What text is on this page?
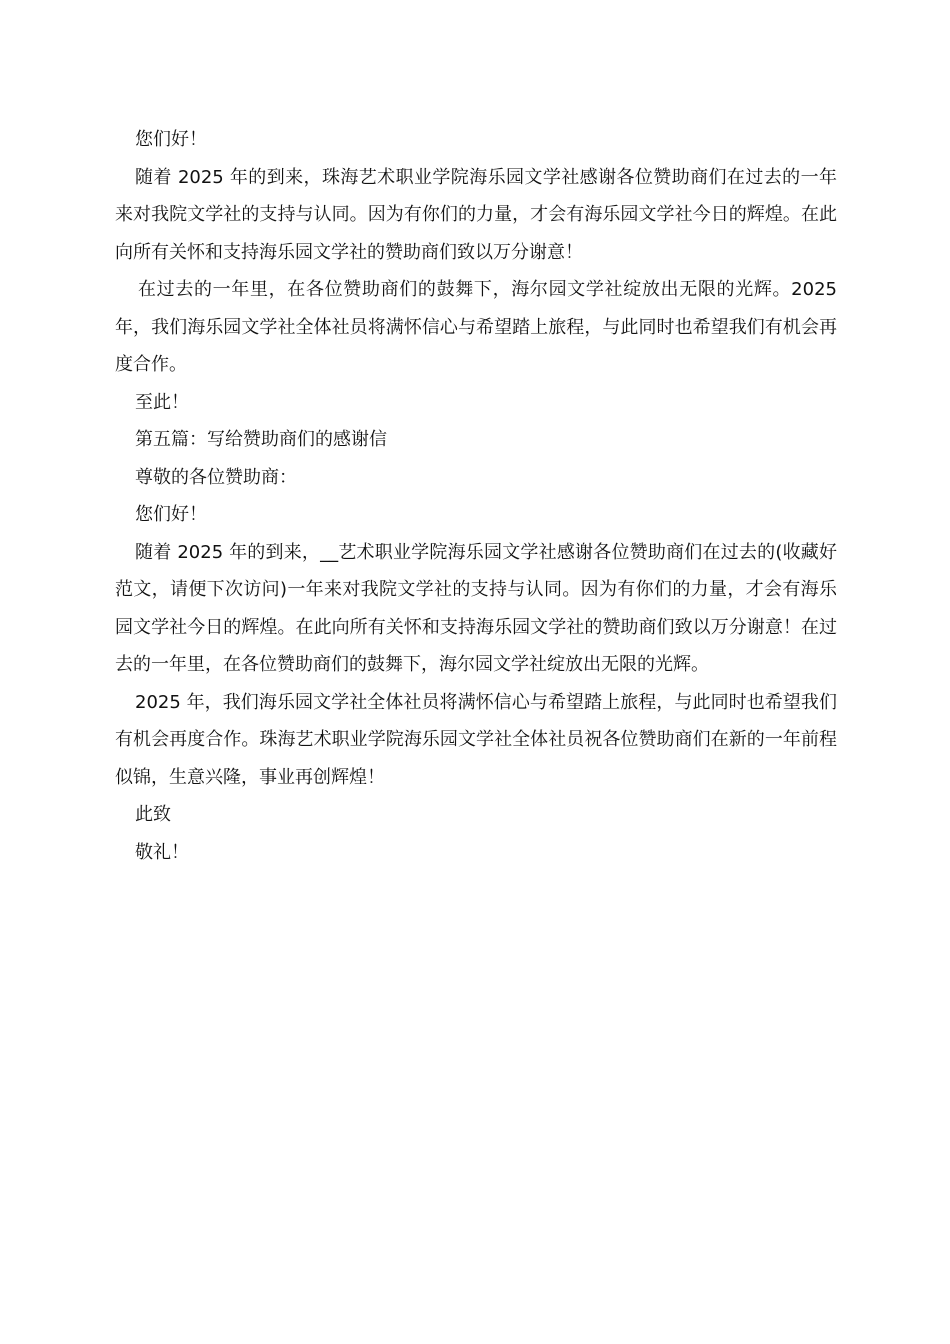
您们好！

随着 2025 年的到来，珠海艺术职业学院海乐园文学社感谢各位赞助商们在过去的一年来对我院文学社的支持与认同。因为有你们的力量，才会有海乐园文学社今日的辉煌。在此向所有关怀和支持海乐园文学社的赞助商们致以万分谢意！

在过去的一年里，在各位赞助商们的鼓舞下，海尔园文学社绽放出无限的光辉。2025 年，我们海乐园文学社全体社员将满怀信心与希望踏上旅程，与此同时也希望我们有机会再度合作。

至此！

第五篇：写给赞助商们的感谢信

尊敬的各位赞助商：

您们好！

随着 2025 年的到来，__艺术职业学院海乐园文学社感谢各位赞助商们在过去的(收藏好范文，请便下次访问)一年来对我院文学社的支持与认同。因为有你们的力量，才会有海乐园文学社今日的辉煌。在此向所有关怀和支持海乐园文学社的赞助商们致以万分谢意！在过去的一年里，在各位赞助商们的鼓舞下，海尔园文学社绽放出无限的光辉。

2025 年，我们海乐园文学社全体社员将满怀信心与希望踏上旅程，与此同时也希望我们有机会再度合作。珠海艺术职业学院海乐园文学社全体社员祝各位赞助商们在新的一年前程似锦，生意兴隆，事业再创辉煌！

此致

敬礼！
